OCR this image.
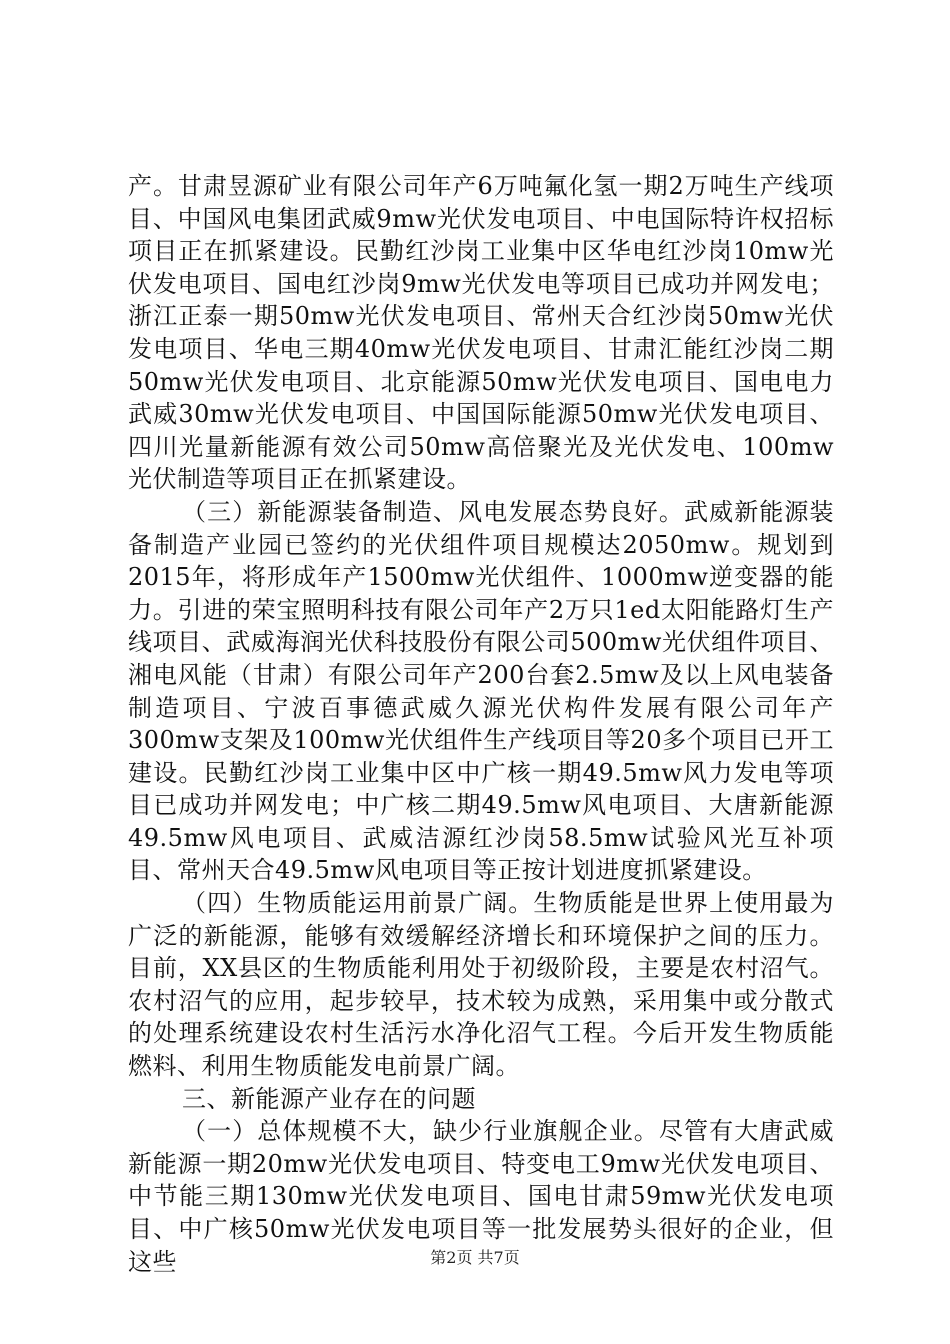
产。甘肃昱源矿业有限公司年产6万吨氟化氢一期2万吨生产线项目、中国风电集团武威9mw光伏发电项目、中电国际特许权招标项目正在抓紧建设。民勤红沙岗工业集中区华电红沙岗10mw光伏发电项目、国电红沙岗9mw光伏发电等项目已成功并网发电；浙江正泰一期50mw光伏发电项目、常州天合红沙岗50mw光伏发电项目、华电三期40mw光伏发电项目、甘肃汇能红沙岗二期50mw光伏发电项目、北京能源50mw光伏发电项目、国电电力武威30mw光伏发电项目、中国国际能源50mw光伏发电项目、四川光量新能源有效公司50mw高倍聚光及光伏发电、100mw光伏制造等项目正在抓紧建设。

（三）新能源装备制造、风电发展态势良好。武威新能源装备制造产业园已签约的光伏组件项目规模达2050mw。规划到2015年，将形成年产1500mw光伏组件、1000mw逆变器的能力。引进的荣宝照明科技有限公司年产2万只1ed太阳能路灯生产线项目、武威海润光伏科技股份有限公司500mw光伏组件项目、湘电风能（甘肃）有限公司年产200台套2.5mw及以上风电装备制造项目、宁波百事德武威久源光伏构件发展有限公司年产300mw支架及100mw光伏组件生产线项目等20多个项目已开工建设。民勤红沙岗工业集中区中广核一期49.5mw风力发电等项目已成功并网发电；中广核二期49.5mw风电项目、大唐新能源49.5mw风电项目、武威洁源红沙岗58.5mw试验风光互补项目、常州天合49.5mw风电项目等正按计划进度抓紧建设。

（四）生物质能运用前景广阔。生物质能是世界上使用最为广泛的新能源，能够有效缓解经济增长和环境保护之间的压力。目前，XX县区的生物质能利用处于初级阶段，主要是农村沼气。农村沼气的应用，起步较早，技术较为成熟，采用集中或分散式的处理系统建设农村生活污水净化沼气工程。今后开发生物质能燃料、利用生物质能发电前景广阔。

三、新能源产业存在的问题

（一）总体规模不大，缺少行业旗舰企业。尽管有大唐武威新能源一期20mw光伏发电项目、特变电工9mw光伏发电项目、中节能三期130mw光伏发电项目、国电甘肃59mw光伏发电项目、中广核50mw光伏发电项目等一批发展势头很好的企业，但这些	第2页 共7页
